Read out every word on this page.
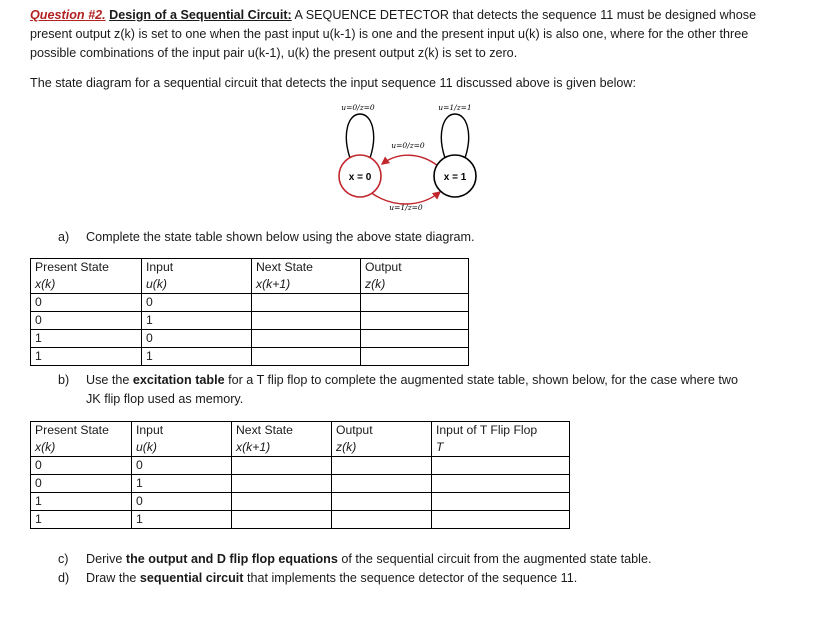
Question #2. Design of a Sequential Circuit: A SEQUENCE DETECTOR that detects the sequence 11 must be designed whose present output z(k) is set to one when the past input u(k-1) is one and the present input u(k) is also one, where for the other three possible combinations of the input pair u(k-1), u(k) the present output z(k) is set to zero.
The state diagram for a sequential circuit that detects the input sequence 11 discussed above is given below:
x = 0	x = 1
u=0/z=0	u=1/z=1
u=0/z=0
u=1/z=0
a) Complete the state table shown below using the above state diagram.
Present State	Input	Next State	Output
x(k)	u(k)	x(k+1)	z(k)
0	0		
0	1		
1	0		
1	1		
b) Use the excitation table for a T flip flop to complete the augmented state table, shown below, for the case where two
JK flip flop used as memory.
Present State	Input	Next State	Output	Input of T Flip Flop
x(k)	u(k)	x(k+1)	z(k)	T
0	0			
0	1			
1	0			
1	1			
c) Derive the output and D flip flop equations of the sequential circuit from the augmented state table.
d) Draw the sequential circuit that implements the sequence detector of the sequence 11.
